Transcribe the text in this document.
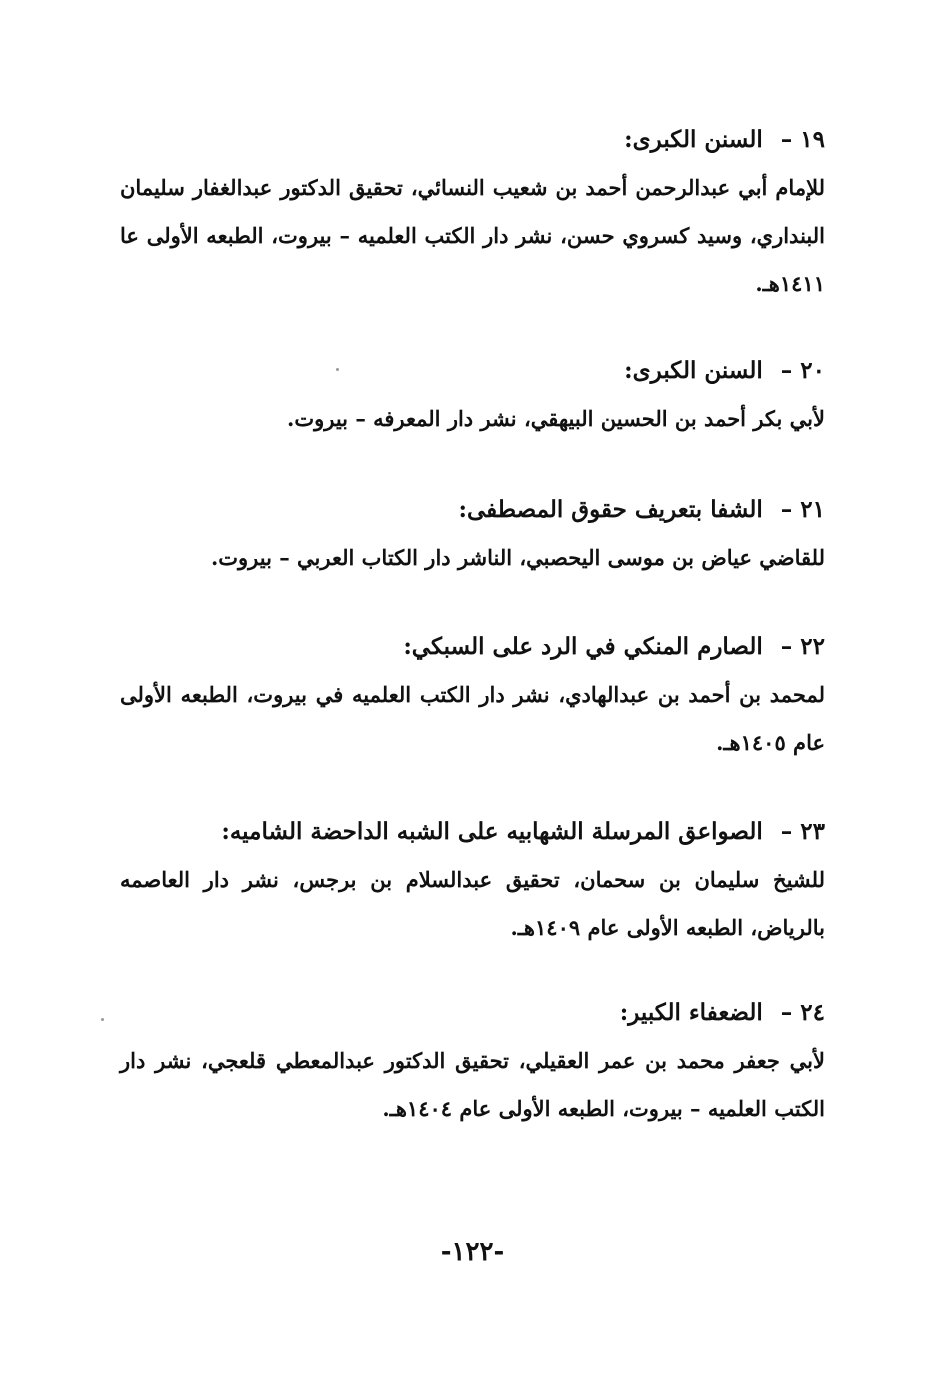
١٩–السنن الكبرى:
للإمام أبي عبدالرحمن أحمد بن شعيب النسائي، تحقيق الدكتور عبدالغفار سليمان البنداري، وسيد كسروي حسن، نشر دار الكتب العلميه – بيروت، الطبعه الأولى عا ١٤١١هـ.
٢٠–السنن الكبرى:
لأبي بكر أحمد بن الحسين البيهقي، نشر دار المعرفه – بيروت.
٢١–الشفا بتعريف حقوق المصطفى:
للقاضي عياض بن موسى اليحصبي، الناشر دار الكتاب العربي – بيروت.
٢٢–الصارم المنكي في الرد على السبكي:
لمحمد بن أحمد بن عبدالهادي، نشر دار الكتب العلميه في بيروت، الطبعه الأولى عام ١٤٠٥هـ.
٢٣–الصواعق المرسلة الشهابيه على الشبه الداحضة الشاميه:
للشيخ سليمان بن سحمان، تحقيق عبدالسلام بن برجس، نشر دار العاصمه بالرياض، الطبعه الأولى عام ١٤٠٩هـ.
٢٤–الضعفاء الكبير:
لأبي جعفر محمد بن عمر العقيلي، تحقيق الدكتور عبدالمعطي قلعجي، نشر دار الكتب العلميه – بيروت، الطبعه الأولى عام ١٤٠٤هـ.
-١٢٢-
